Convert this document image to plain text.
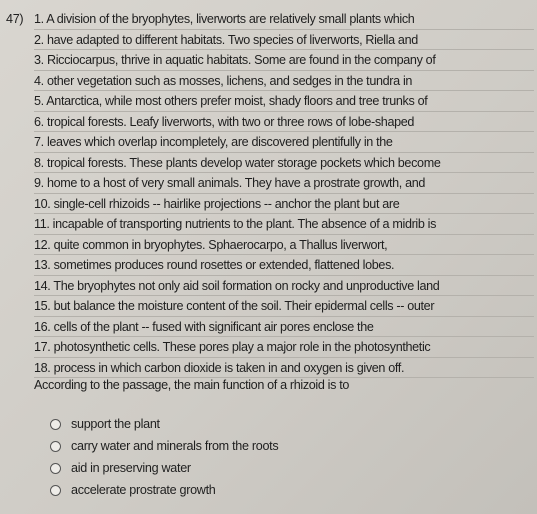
47) 1. A division of the bryophytes, liverworts are relatively small plants which
2. have adapted to different habitats. Two species of liverworts, Riella and
3. Ricciocarpus, thrive in aquatic habitats. Some are found in the company of
4. other vegetation such as mosses, lichens, and sedges in the tundra in
5. Antarctica, while most others prefer moist, shady floors and tree trunks of
6. tropical forests. Leafy liverworts, with two or three rows of lobe-shaped
7. leaves which overlap incompletely, are discovered plentifully in the
8. tropical forests. These plants develop water storage pockets which become
9. home to a host of very small animals. They have a prostrate growth, and
10. single-cell rhizoids -- hairlike projections -- anchor the plant but are
11. incapable of transporting nutrients to the plant. The absence of a midrib is
12. quite common in bryophytes. Sphaerocarpo, a Thallus liverwort,
13. sometimes produces round rosettes or extended, flattened lobes.
14. The bryophytes not only aid soil formation on rocky and unproductive land
15. but balance the moisture content of the soil. Their epidermal cells -- outer
16. cells of the plant -- fused with significant air pores enclose the
17. photosynthetic cells. These pores play a major role in the photosynthetic
18. process in which carbon dioxide is taken in and oxygen is given off.
According to the passage, the main function of a rhizoid is to
support the plant
carry water and minerals from the roots
aid in preserving water
accelerate prostrate growth
